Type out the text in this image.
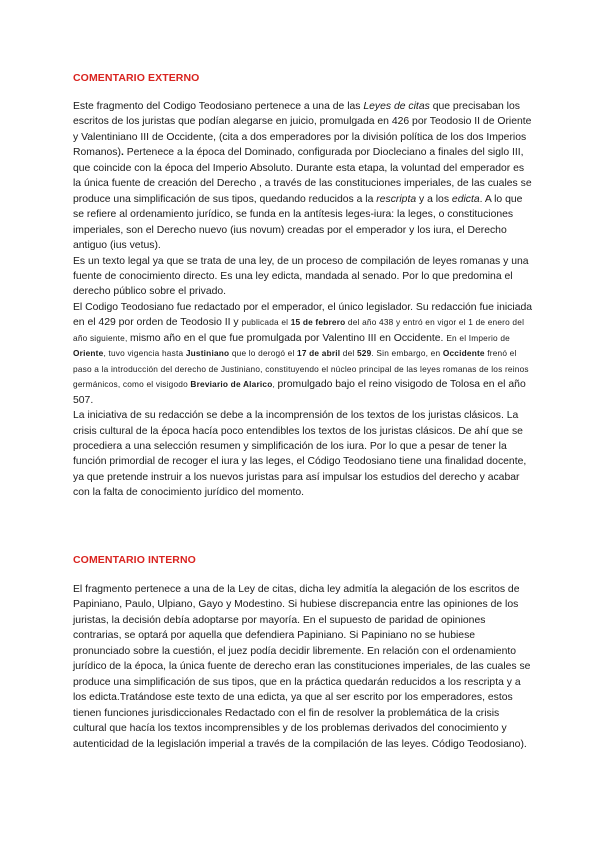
COMENTARIO EXTERNO

Este fragmento del Codigo Teodosiano pertenece a una de las Leyes de citas que precisaban los escritos de los juristas que podían alegarse en juicio, promulgada en 426 por Teodosio II de Oriente y Valentiniano III de Occidente, (cita a dos emperadores por la división política de los dos Imperios Romanos). Pertenece a la época del Dominado, configurada por Diocleciano a finales del siglo III, que coincide con la época del Imperio Absoluto. Durante esta etapa, la voluntad del emperador es la única fuente de creación del Derecho , a través de las constituciones imperiales, de las cuales se produce una simplificación de sus tipos, quedando reducidos a la rescripta y a los edicta. A lo que se refiere al ordenamiento jurídico, se funda en la antítesis leges-iura: la leges, o constituciones imperiales, son el Derecho nuevo (ius novum) creadas por el emperador y los iura, el Derecho antiguo (ius vetus).

Es un texto legal ya que se trata de una ley, de un proceso de compilación de leyes romanas y una fuente de conocimiento directo. Es una ley edicta, mandada al senado. Por lo que predomina el derecho público sobre el privado.

El Codigo Teodosiano fue redactado por el emperador, el único legislador. Su redacción fue iniciada en el 429 por orden de Teodosio II y publicada el 15 de febrero del año 438 y entró en vigor el 1 de enero del año siguiente, mismo año en el que fue promulgada por Valentino III en Occidente. En el Imperio de Oriente, tuvo vigencia hasta Justiniano que lo derogó el 17 de abril del 529. Sin embargo, en Occidente frenó el paso a la introducción del derecho de Justiniano, constituyendo el núcleo principal de las leyes romanas de los reinos germánicos, como el visigodo Breviario de Alarico, promulgado bajo el reino visigodo de Tolosa en el año 507.

La iniciativa de su redacción se debe a la incomprensión de los textos de los juristas clásicos. La crisis cultural de la época hacía poco entendibles los textos de los juristas clásicos. De ahí que se procediera a una selección resumen y simplificación de los iura. Por lo que a pesar de tener la función primordial de recoger el iura y las leges, el Código Teodosiano tiene una finalidad docente, ya que pretende instruir a los nuevos juristas para así impulsar los estudios del derecho y acabar con la falta de conocimiento jurídico del momento.

COMENTARIO INTERNO

El fragmento pertenece a una de la Ley de citas, dicha ley admitía la alegación de los escritos de Papiniano, Paulo, Ulpiano, Gayo y Modestino. Si hubiese discrepancia entre las opiniones de los juristas, la decisión debía adoptarse por mayoría. En el supuesto de paridad de opiniones contrarias, se optará por aquella que defendiera Papiniano. Si Papiniano no se hubiese pronunciado sobre la cuestión, el juez podía decidir libremente. En relación con el ordenamiento jurídico de la época, la única fuente de derecho eran las constituciones imperiales, de las cuales se produce una simplificación de sus tipos, que en la práctica quedarán reducidos a los rescripta y a los edicta.Tratándose este texto de una edicta, ya que al ser escrito por los emperadores, estos tienen funciones jurisdiccionales Redactado con el fin de resolver la problemática de la crisis cultural que hacía los textos incomprensibles y de los problemas derivados del conocimiento y autenticidad de la legislación imperial a través de la compilación de las leyes. Código Teodosiano).
